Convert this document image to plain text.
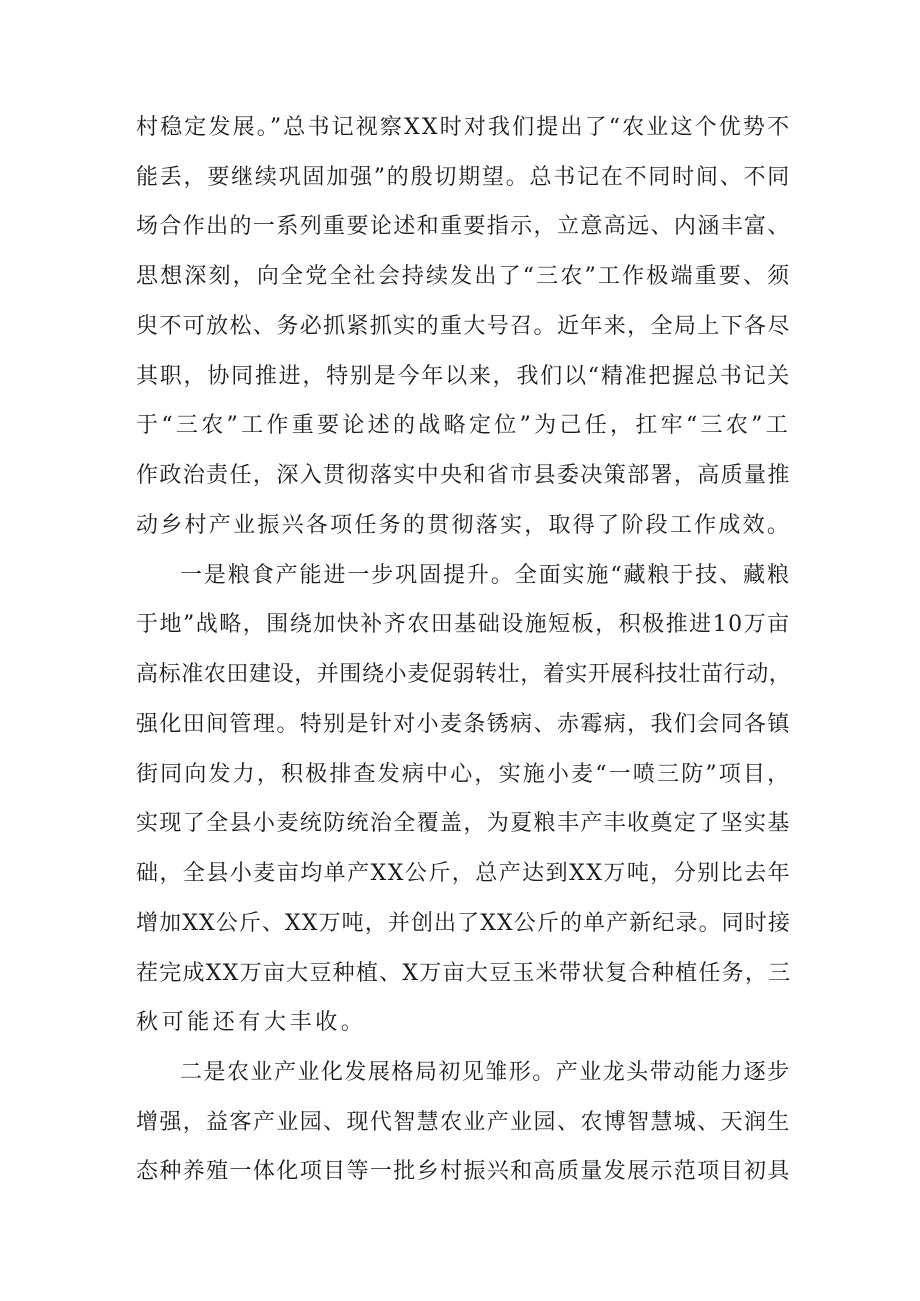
村稳定发展。”总书记视察XX时对我们提出了“农业这个优势不
能丢，要继续巩固加强”的殷切期望。总书记在不同时间、不同
场合作出的一系列重要论述和重要指示，立意高远、内涵丰富、
思想深刻，向全党全社会持续发出了“三农”工作极端重要、须
臾不可放松、务必抓紧抓实的重大号召。近年来，全局上下各尽
其职，协同推进，特别是今年以来，我们以“精准把握总书记关
于“三农”工作重要论述的战略定位”为己任，扛牢“三农”工
作政治责任，深入贯彻落实中央和省市县委决策部署，高质量推
动乡村产业振兴各项任务的贯彻落实，取得了阶段工作成效。
一是粮食产能进一步巩固提升。全面实施“藏粮于技、藏粮
于地”战略，围绕加快补齐农田基础设施短板，积极推进10万亩
高标准农田建设，并围绕小麦促弱转壮，着实开展科技壮苗行动，
强化田间管理。特别是针对小麦条锈病、赤霉病，我们会同各镇
街同向发力，积极排查发病中心，实施小麦“一喷三防”项目，
实现了全县小麦统防统治全覆盖，为夏粮丰产丰收奠定了坚实基
础，全县小麦亩均单产XX公斤，总产达到XX万吨，分别比去年
增加XX公斤、XX万吨，并创出了XX公斤的单产新纪录。同时接
茬完成XX万亩大豆种植、X万亩大豆玉米带状复合种植任务，三
秋可能还有大丰收。
二是农业产业化发展格局初见雏形。产业龙头带动能力逐步
增强，益客产业园、现代智慧农业产业园、农博智慧城、天润生
态种养殖一体化项目等一批乡村振兴和高质量发展示范项目初具
